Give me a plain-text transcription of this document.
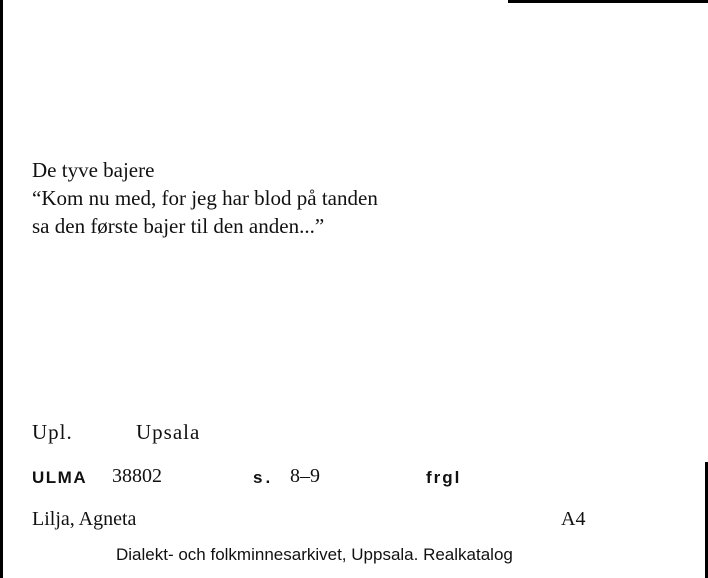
De tyve bajere
“Kom nu med, for jeg har blod på tanden
sa den første bajer til den anden...”
Upl.	Upsala
ULMA 38802	s. 8–9	frgl
Lilja, Agneta	A4
Dialekt- och folkminnesarkivet, Uppsala. Realkatalog
